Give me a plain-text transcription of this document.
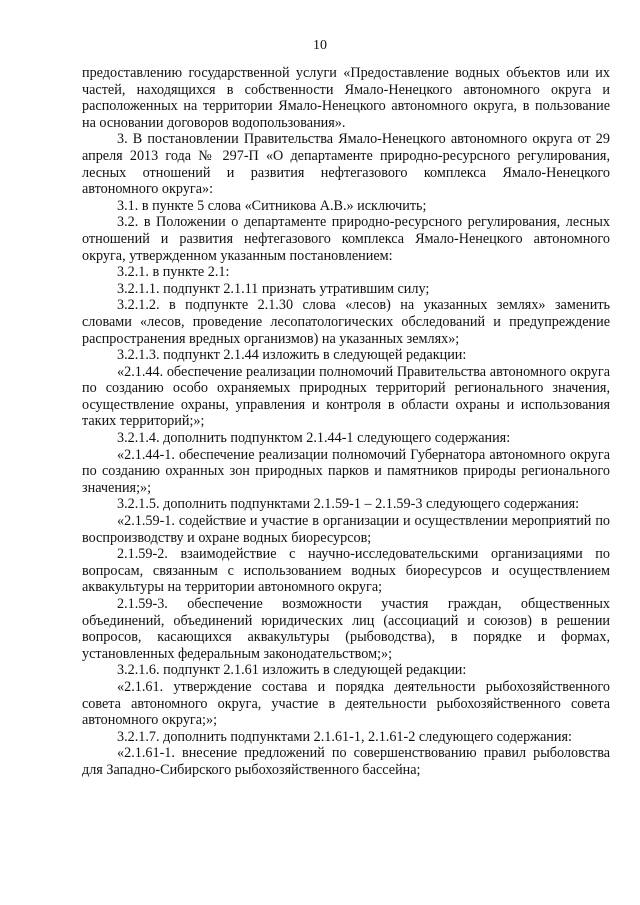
10

предоставлению государственной услуги «Предоставление водных объектов или их частей, находящихся в собственности Ямало-Ненецкого автономного округа и расположенных на территории Ямало-Ненецкого автономного округа, в пользование на основании договоров водопользования».

3. В постановлении Правительства Ямало-Ненецкого автономного округа от 29 апреля 2013 года № 297-П «О департаменте природно-ресурсного регулирования, лесных отношений и развития нефтегазового комплекса Ямало-Ненецкого автономного округа»:

3.1. в пункте 5 слова «Ситникова А.В.» исключить;

3.2. в Положении о департаменте природно-ресурсного регулирования, лесных отношений и развития нефтегазового комплекса Ямало-Ненецкого автономного округа, утвержденном указанным постановлением:

3.2.1. в пункте 2.1:

3.2.1.1. подпункт 2.1.11 признать утратившим силу;

3.2.1.2. в подпункте 2.1.30 слова «лесов) на указанных землях» заменить словами «лесов, проведение лесопатологических обследований и предупреждение распространения вредных организмов) на указанных землях»;

3.2.1.3. подпункт 2.1.44 изложить в следующей редакции:

«2.1.44. обеспечение реализации полномочий Правительства автономного округа по созданию особо охраняемых природных территорий регионального значения, осуществление охраны, управления и контроля в области охраны и использования таких территорий;»;

3.2.1.4. дополнить подпунктом 2.1.44-1 следующего содержания:

«2.1.44-1. обеспечение реализации полномочий Губернатора автономного округа по созданию охранных зон природных парков и памятников природы регионального значения;»;

3.2.1.5. дополнить подпунктами 2.1.59-1 – 2.1.59-3 следующего содержания:

«2.1.59-1. содействие и участие в организации и осуществлении мероприятий по воспроизводству и охране водных биоресурсов;

2.1.59-2. взаимодействие с научно-исследовательскими организациями по вопросам, связанным с использованием водных биоресурсов и осуществлением аквакультуры на территории автономного округа;

2.1.59-3. обеспечение возможности участия граждан, общественных объединений, объединений юридических лиц (ассоциаций и союзов) в решении вопросов, касающихся аквакультуры (рыбоводства), в порядке и формах, установленных федеральным законодательством;»;

3.2.1.6. подпункт 2.1.61 изложить в следующей редакции:

«2.1.61. утверждение состава и порядка деятельности рыбохозяйственного совета автономного округа, участие в деятельности рыбохозяйственного совета автономного округа;»;

3.2.1.7. дополнить подпунктами 2.1.61-1, 2.1.61-2 следующего содержания:

«2.1.61-1. внесение предложений по совершенствованию правил рыболовства для Западно-Сибирского рыбохозяйственного бассейна;
